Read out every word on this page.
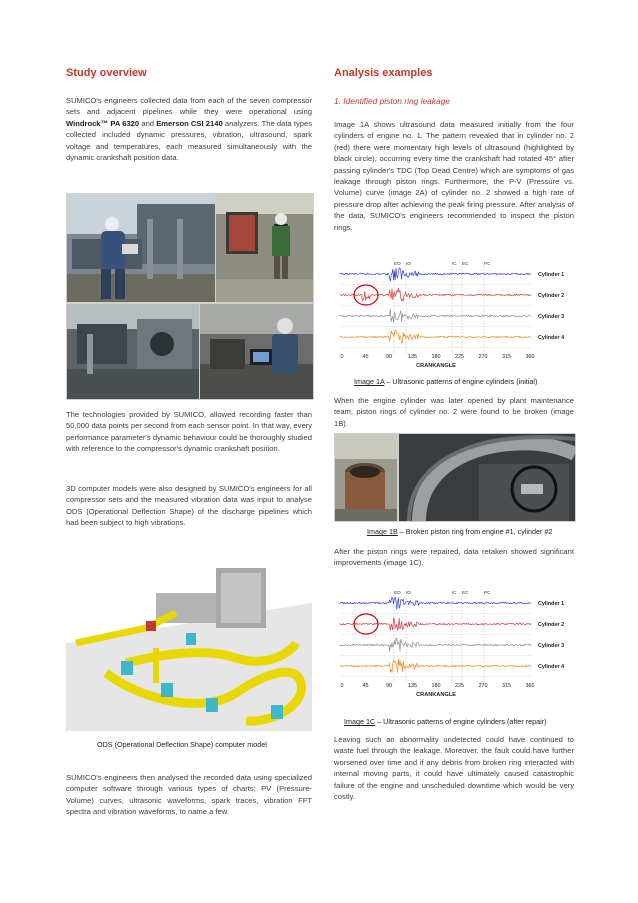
Study overview

SUMICO's engineers collected data from each of the seven compressor sets and adjacent pipelines while they were operational using Windrock™ PA 6320 and Emerson CSI 2140 analyzers. The data types collected included dynamic pressures, vibration, ultrasound, spark voltage and temperatures, each measured simultaneously with the dynamic crankshaft position data.

The technologies provided by SUMICO, allowed recording faster than 50,000 data points per second from each sensor point. In that way, every performance parameter's dynamic behaviour could be thoroughly studied with reference to the compressor's dynamic crankshaft position.

3D computer models were also designed by SUMICO's engineers for all compressor sets and the measured vibration data was input to analyse ODS (Operational Deflection Shape) of the discharge pipelines which had been subject to high vibrations.

ODS (Operational Deflection Shape) computer model

SUMICO's engineers then analysed the recorded data using specialized computer software through various types of charts; PV (Pressure-Volume) curves, ultrasonic waveforms, spark traces, vibration FFT spectra and vibration waveforms, to name a few.

Analysis examples
1. Identified piston ring leakage

Image 1A shows ultrasound data measured initially from the four cylinders of engine no. 1. The pattern revealed that in cylinder no. 2 (red) there were momentary high levels of ultrasound (highlighted by black circle), occurring every time the crankshaft had rotated 45° after passing cylinder's TDC (Top Dead Centre) which are symptoms of gas leakage through piston rings. Furthermore, the P-V (Pressure vs. Volume) curve (image 2A) of cylinder no. 2 showed a high rate of pressure drop after achieving the peak firing pressure. After analysis of the data, SUMICO's engineers recommended to inspect the piston rings.

EO IO	IC EC	PC
Cylinder 1
Cylinder 2
Cylinder 3
Cylinder 4
0	45	90	135	180	225	270	315	360
CRANKANGLE
Image 1A – Ultrasonic patterns of engine cylinders (initial)

When the engine cylinder was later opened by plant maintenance team, piston rings of cylinder no. 2 were found to be broken (image 1B).

Image 1B – Broken piston ring from engine #1, cylinder #2

After the piston rings were repaired, data retaken showed significant improvements (image 1C).

EO IO	IC EC	PC
Cylinder 1
Cylinder 2
Cylinder 3
Cylinder 4
0	45	90	135	180	225	270	315	360
CRANKANGLE
Image 1C – Ultrasonic patterns of engine cylinders (after repair)

Leaving such an abnormality undetected could have continued to waste fuel through the leakage. Moreover, the fault could have further worsened over time and if any debris from broken ring interacted with internal moving parts, it could have ultimately caused catastrophic failure of the engine and unscheduled downtime which would be very costly.
